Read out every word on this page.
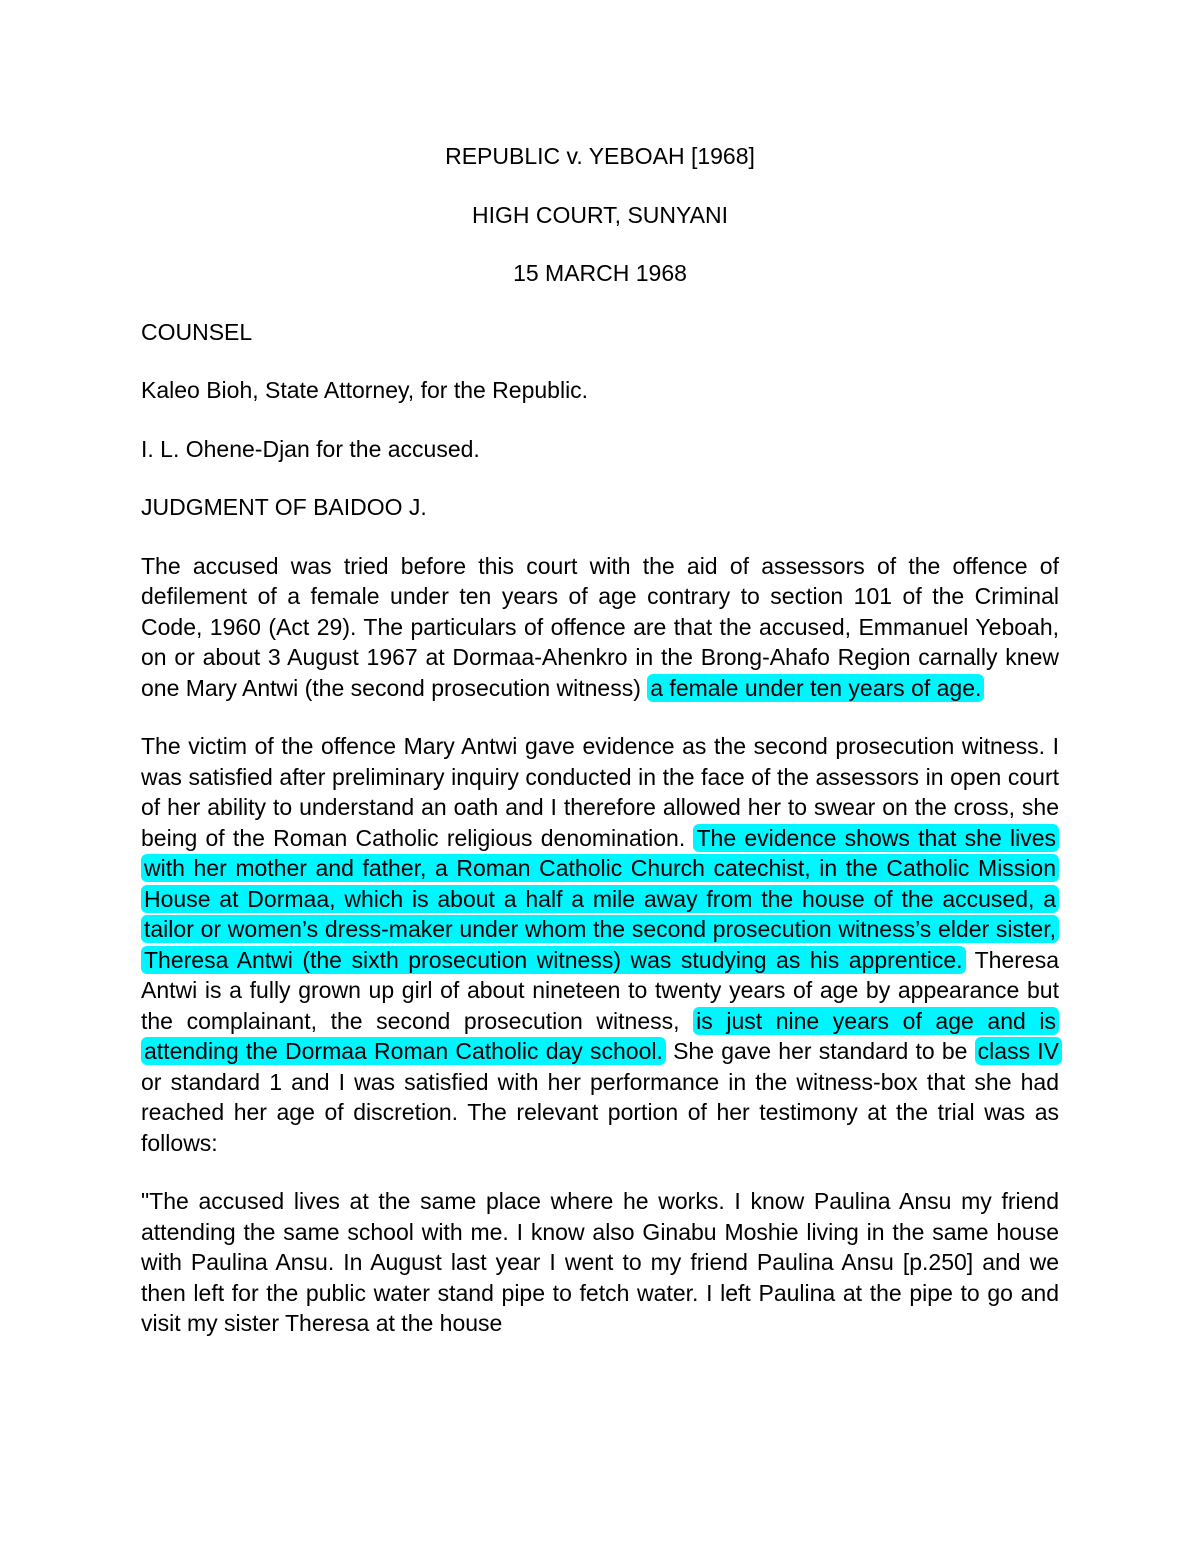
REPUBLIC v. YEBOAH [1968]

HIGH COURT, SUNYANI

15 MARCH 1968

COUNSEL

Kaleo Bioh, State Attorney, for the Republic.

I. L. Ohene-Djan for the accused.

JUDGMENT OF BAIDOO J.

The accused was tried before this court with the aid of assessors of the offence of defilement of a female under ten years of age contrary to section 101 of the Criminal Code, 1960 (Act 29). The particulars of offence are that the accused, Emmanuel Yeboah, on or about 3 August 1967 at Dormaa-Ahenkro in the Brong-Ahafo Region carnally knew one Mary Antwi (the second prosecution witness) a female under ten years of age.

The victim of the offence Mary Antwi gave evidence as the second prosecution witness. I was satisfied after preliminary inquiry conducted in the face of the assessors in open court of her ability to understand an oath and I therefore allowed her to swear on the cross, she being of the Roman Catholic religious denomination. The evidence shows that she lives with her mother and father, a Roman Catholic Church catechist, in the Catholic Mission House at Dormaa, which is about a half a mile away from the house of the accused, a tailor or women’s dress-maker under whom the second prosecution witness’s elder sister, Theresa Antwi (the sixth prosecution witness) was studying as his apprentice. Theresa Antwi is a fully grown up girl of about nineteen to twenty years of age by appearance but the complainant, the second prosecution witness, is just nine years of age and is attending the Dormaa Roman Catholic day school. She gave her standard to be class IV or standard 1 and I was satisfied with her performance in the witness-box that she had reached her age of discretion. The relevant portion of her testimony at the trial was as follows:

"The accused lives at the same place where he works. I know Paulina Ansu my friend attending the same school with me. I know also Ginabu Moshie living in the same house with Paulina Ansu. In August last year I went to my friend Paulina Ansu [p.250] and we then left for the public water stand pipe to fetch water. I left Paulina at the pipe to go and visit my sister Theresa at the house
